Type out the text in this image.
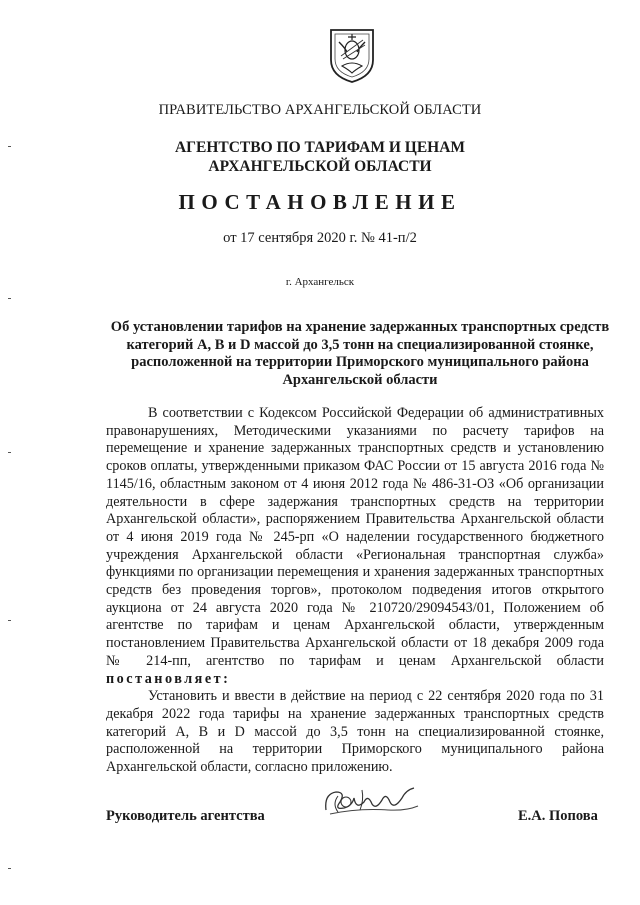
ПРАВИТЕЛЬСТВО АРХАНГЕЛЬСКОЙ ОБЛАСТИ
АГЕНТСТВО ПО ТАРИФАМ И ЦЕНАМ
АРХАНГЕЛЬСКОЙ ОБЛАСТИ
ПОСТАНОВЛЕНИЕ
от 17 сентября 2020 г. № 41-п/2
г. Архангельск
Об установлении тарифов на хранение задержанных транспортных средств категорий A, B и D массой до 3,5 тонн на специализированной стоянке, расположенной на территории Приморского муниципального района Архангельской области

В соответствии с Кодексом Российской Федерации об административных правонарушениях, Методическими указаниями по расчету тарифов на перемещение и хранение задержанных транспортных средств и установлению сроков оплаты, утвержденными приказом ФАС России от 15 августа 2016 года № 1145/16, областным законом от 4 июня 2012 года № 486-31-ОЗ «Об организации деятельности в сфере задержания транспортных средств на территории Архангельской области», распоряжением Правительства Архангельской области от 4 июня 2019 года № 245-рп «О наделении государственного бюджетного учреждения Архангельской области «Региональная транспортная служба» функциями по организации перемещения и хранения задержанных транспортных средств без проведения торгов», протоколом подведения итогов открытого аукциона от 24 августа 2020 года № 210720/29094543/01, Положением об агентстве по тарифам и ценам Архангельской области, утвержденным постановлением Правительства Архангельской области от 18 декабря 2009 года № 214-пп, агентство по тарифам и ценам Архангельской области постановляет:

Установить и ввести в действие на период с 22 сентября 2020 года по 31 декабря 2022 года тарифы на хранение задержанных транспортных средств категорий A, B и D массой до 3,5 тонн на специализированной стоянке, расположенной на территории Приморского муниципального района Архангельской области, согласно приложению.

Руководитель агентства	Е.А. Попова
